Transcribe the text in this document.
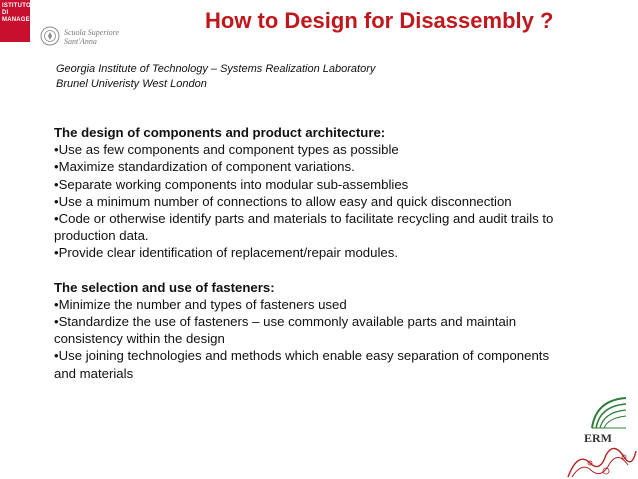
ISTITUTO
DI MANAGEMENT
Scuola Superiore
Sant'Anna
How to Design for Disassembly ?
Georgia Institute of Technology – Systems Realization Laboratory
Brunel Univeristy West London
The design of components and product architecture:
•Use as few components and component types as possible
•Maximize standardization of component variations.
•Separate working components into modular sub-assemblies
•Use a minimum number of connections to allow easy and quick disconnection
•Code or otherwise identify parts and materials to facilitate recycling and audit trails to production data.
•Provide clear identification of replacement/repair modules.
The selection and use of fasteners:
•Minimize the number and types of fasteners used
•Standardize the use of fasteners – use commonly available parts and maintain consistency within the design
•Use joining technologies and methods which enable easy separation of components and materials
ERM
